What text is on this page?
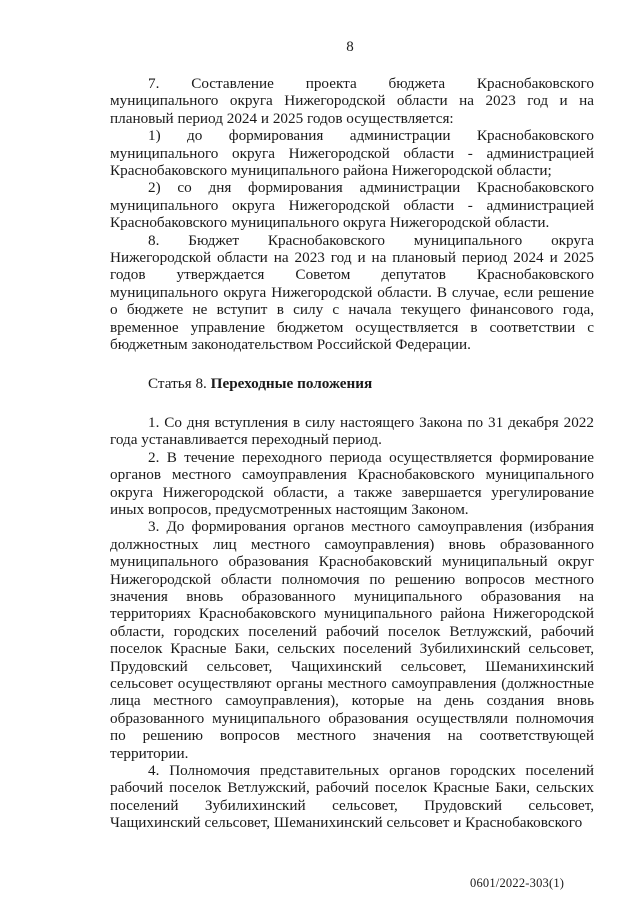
8

7. Составление проекта бюджета Краснобаковского муниципального округа Нижегородской области на 2023 год и на плановый период 2024 и 2025 годов осуществляется:

1) до формирования администрации Краснобаковского муниципального округа Нижегородской области - администрацией Краснобаковского муниципального района Нижегородской области;

2) со дня формирования администрации Краснобаковского муниципального округа Нижегородской области - администрацией Краснобаковского муниципального округа Нижегородской области.

8. Бюджет Краснобаковского муниципального округа Нижегородской области на 2023 год и на плановый период 2024 и 2025 годов утверждается Советом депутатов Краснобаковского муниципального округа Нижегородской области. В случае, если решение о бюджете не вступит в силу с начала текущего финансового года, временное управление бюджетом осуществляется в соответствии с бюджетным законодательством Российской Федерации.

Статья 8. Переходные положения

1. Со дня вступления в силу настоящего Закона по 31 декабря 2022 года устанавливается переходный период.

2. В течение переходного периода осуществляется формирование органов местного самоуправления Краснобаковского муниципального округа Нижегородской области, а также завершается урегулирование иных вопросов, предусмотренных настоящим Законом.

3. До формирования органов местного самоуправления (избрания должностных лиц местного самоуправления) вновь образованного муниципального образования Краснобаковский муниципальный округ Нижегородской области полномочия по решению вопросов местного значения вновь образованного муниципального образования на территориях Краснобаковского муниципального района Нижегородской области, городских поселений рабочий поселок Ветлужский, рабочий поселок Красные Баки, сельских поселений Зубилихинский сельсовет, Прудовский сельсовет, Чащихинский сельсовет, Шеманихинский сельсовет осуществляют органы местного самоуправления (должностные лица местного самоуправления), которые на день создания вновь образованного муниципального образования осуществляли полномочия по решению вопросов местного значения на соответствующей территории.

4. Полномочия представительных органов городских поселений рабочий поселок Ветлужский, рабочий поселок Красные Баки, сельских поселений Зубилихинский сельсовет, Прудовский сельсовет, Чащихинский сельсовет, Шеманихинский сельсовет и Краснобаковского

0601/2022-303(1)
